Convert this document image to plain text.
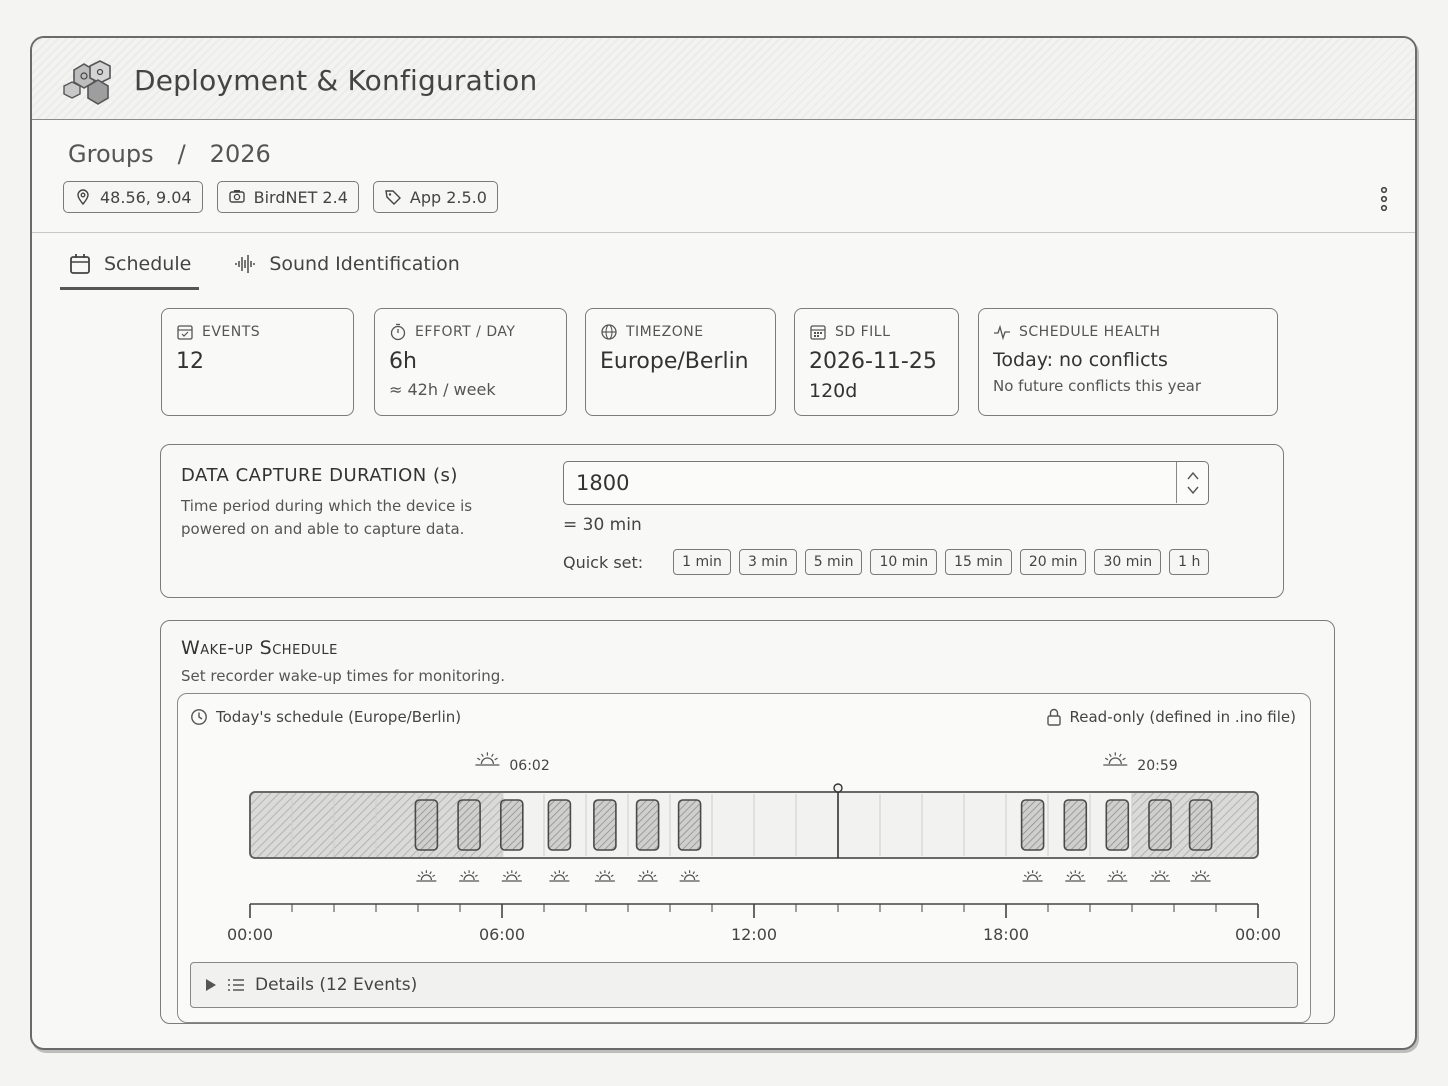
Deployment & Konfiguration
Groups / 2026
48.56, 9.04	BirdNET 2.4	App 2.5.0
Schedule	Sound Identification
EVENTS
12
EFFORT / DAY
6h
≈ 42h / week
TIMEZONE
Europe/Berlin
SD FILL
2026-11-25
120d
SCHEDULE HEALTH
Today: no conflicts
No future conflicts this year
DATA CAPTURE DURATION (s)
Time period during which the device is powered on and able to capture data.
1800
= 30 min
Quick set:	1 min	3 min	5 min	10 min	15 min	20 min	30 min	1 h
Wake-up Schedule
Set recorder wake-up times for monitoring.
Today's schedule (Europe/Berlin)	Read-only (defined in .ino file)
06:02	20:59
00:00	06:00	12:00	18:00	00:00
Details (12 Events)
